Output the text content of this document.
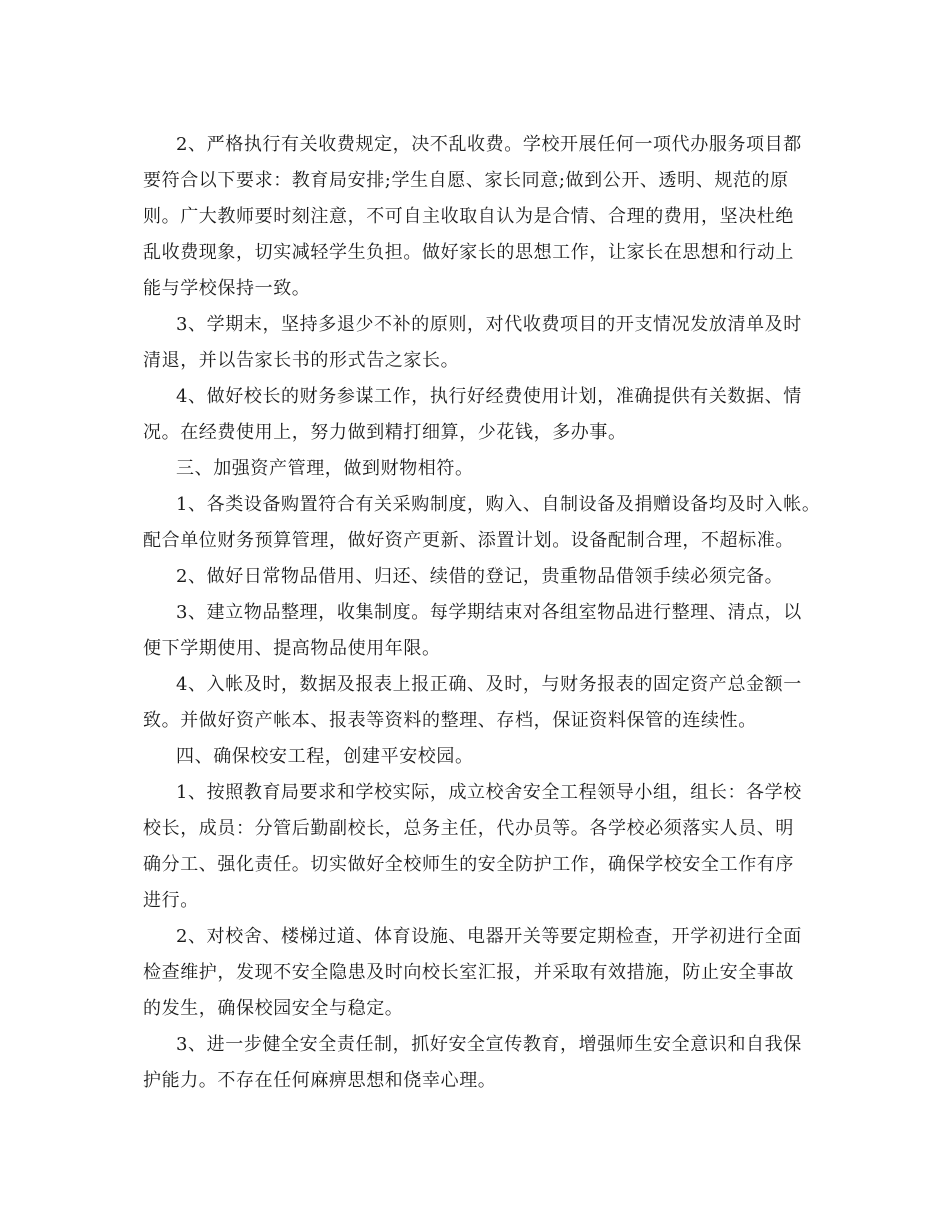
2、严格执行有关收费规定，决不乱收费。学校开展任何一项代办服务项目都
要符合以下要求：教育局安排;学生自愿、家长同意;做到公开、透明、规范的原
则。广大教师要时刻注意，不可自主收取自认为是合情、合理的费用，坚决杜绝
乱收费现象，切实减轻学生负担。做好家长的思想工作，让家长在思想和行动上
能与学校保持一致。
3、学期末，坚持多退少不补的原则，对代收费项目的开支情况发放清单及时
清退，并以告家长书的形式告之家长。
4、做好校长的财务参谋工作，执行好经费使用计划，准确提供有关数据、情
况。在经费使用上，努力做到精打细算，少花钱，多办事。
三、加强资产管理，做到财物相符。
1、各类设备购置符合有关采购制度，购入、自制设备及捐赠设备均及时入帐。
配合单位财务预算管理，做好资产更新、添置计划。设备配制合理，不超标准。
2、做好日常物品借用、归还、续借的登记，贵重物品借领手续必须完备。
3、建立物品整理，收集制度。每学期结束对各组室物品进行整理、清点，以
便下学期使用、提高物品使用年限。
4、入帐及时，数据及报表上报正确、及时，与财务报表的固定资产总金额一
致。并做好资产帐本、报表等资料的整理、存档，保证资料保管的连续性。
四、确保校安工程，创建平安校园。
1、按照教育局要求和学校实际，成立校舍安全工程领导小组，组长：各学校
校长，成员：分管后勤副校长，总务主任，代办员等。各学校必须落实人员、明
确分工、强化责任。切实做好全校师生的安全防护工作，确保学校安全工作有序
进行。
2、对校舍、楼梯过道、体育设施、电器开关等要定期检查，开学初进行全面
检查维护，发现不安全隐患及时向校长室汇报，并采取有效措施，防止安全事故
的发生，确保校园安全与稳定。
3、进一步健全安全责任制，抓好安全宣传教育，增强师生安全意识和自我保
护能力。不存在任何麻痹思想和侥幸心理。
